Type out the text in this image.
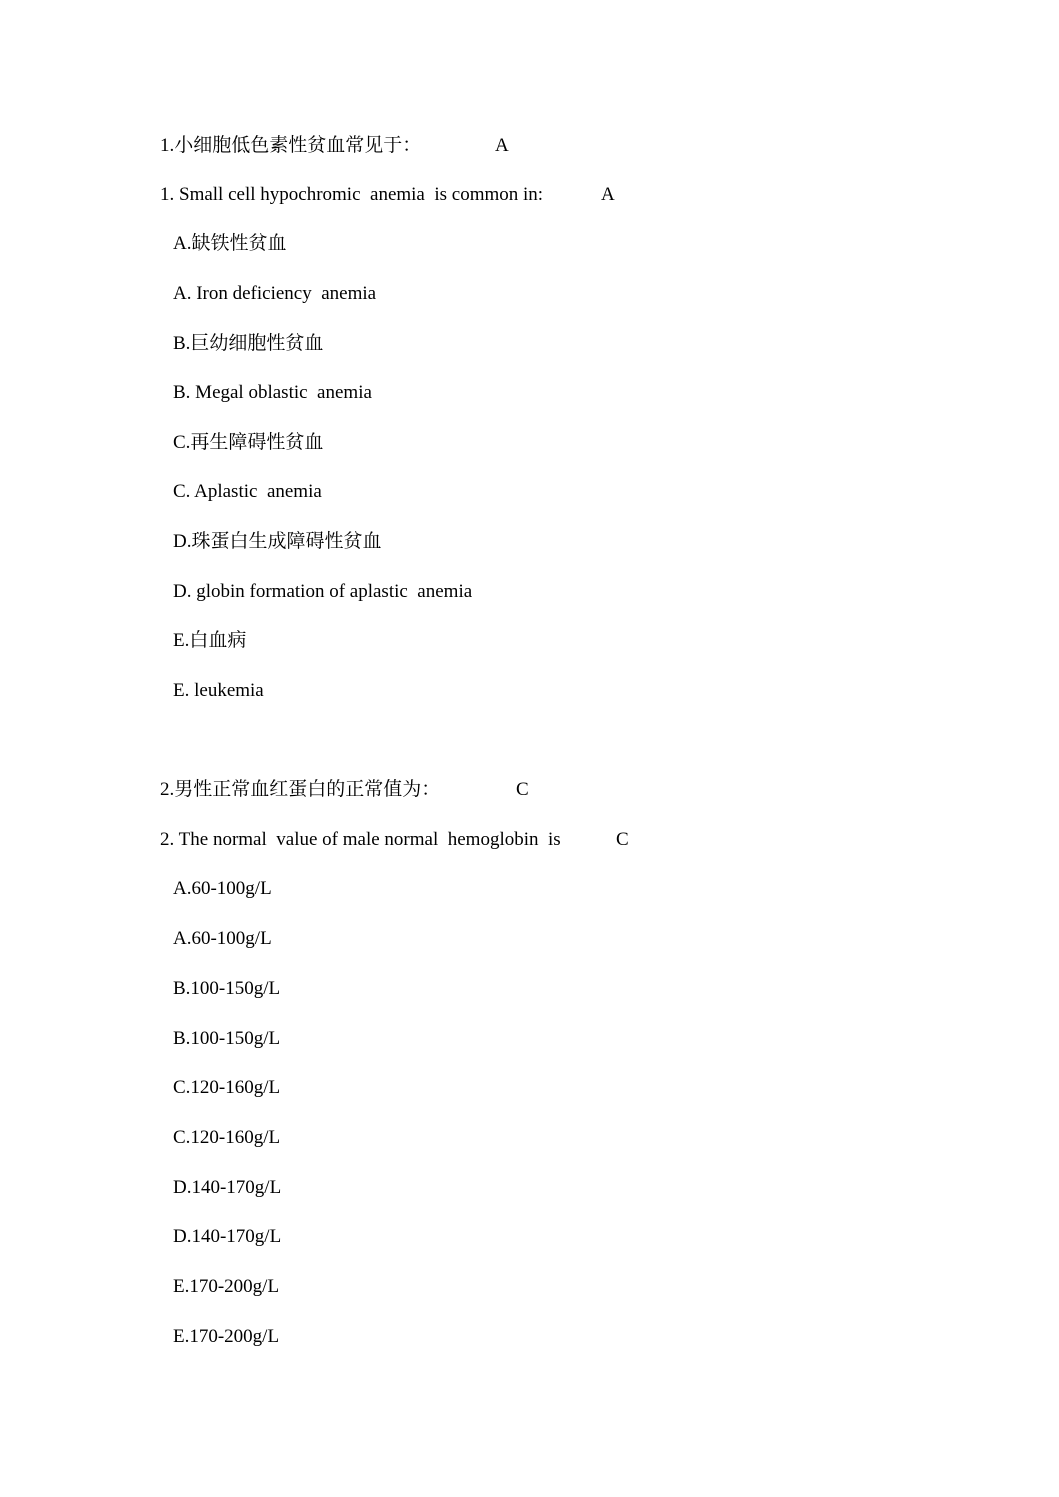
1.小细胞低色素性贫血常见于：	A
1. Small cell hypochromic  anemia  is common in:	A
A.缺铁性贫血
A. Iron deficiency  anemia
B.巨幼细胞性贫血
B. Megal oblastic  anemia
C.再生障碍性贫血
C. Aplastic  anemia
D.珠蛋白生成障碍性贫血
D. globin formation of aplastic  anemia
E.白血病
E. leukemia
2.男性正常血红蛋白的正常值为：	C
2. The normal  value of male normal  hemoglobin  is	C
A.60-100g/L
A.60-100g/L
B.100-150g/L
B.100-150g/L
C.120-160g/L
C.120-160g/L
D.140-170g/L
D.140-170g/L
E.170-200g/L
E.170-200g/L
